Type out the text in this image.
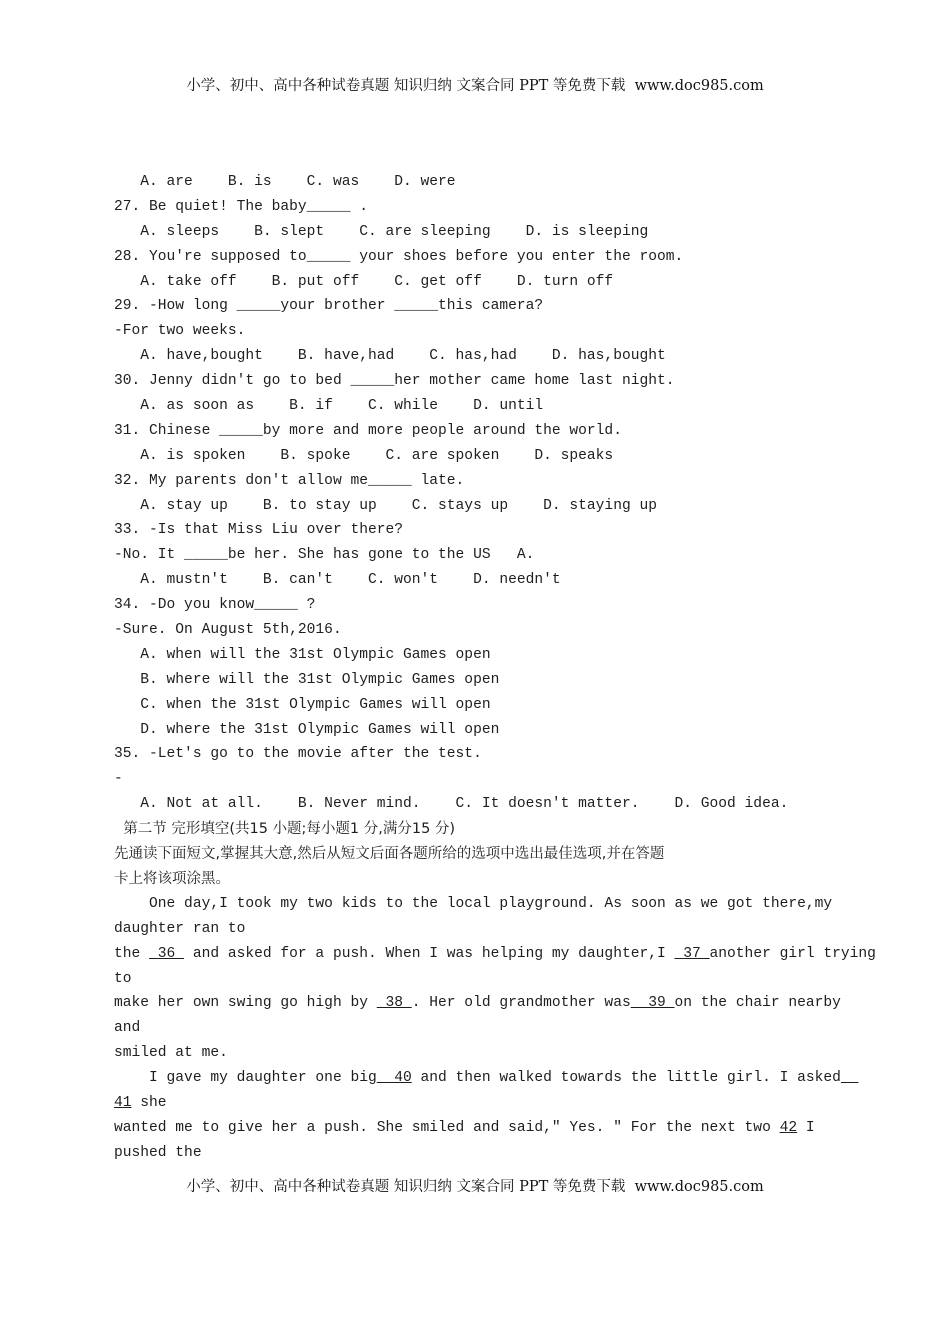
小学、初中、高中各种试卷真题 知识归纳 文案合同 PPT 等免费下载  www.doc985.com
A. are    B. is    C. was    D. were
27. Be quiet! The baby_____ .
A. sleeps    B. slept    C. are sleeping    D. is sleeping
28. You're supposed to_____ your shoes before you enter the room.
A. take off    B. put off    C. get off    D. turn off
29. -How long _____your brother _____this camera?
-For two weeks.
A. have,bought    B. have,had    C. has,had    D. has,bought
30. Jenny didn't go to bed _____her mother came home last night.
A. as soon as    B. if    C. while    D. until
31. Chinese _____by more and more people around the world.
A. is spoken    B. spoke    C. are spoken    D. speaks
32. My parents don't allow me_____ late.
A. stay up    B. to stay up    C. stays up    D. staying up
33. -Is that Miss Liu over there?
-No. It _____be her. She has gone to the US   A.
A. mustn't    B. can't    C. won't    D. needn't
34. -Do you know_____ ?
-Sure. On August 5th,2016.
A. when will the 31st Olympic Games open
B. where will the 31st Olympic Games open
C. when the 31st Olympic Games will open
D. where the 31st Olympic Games will open
35. -Let's go to the movie after the test.
-
A. Not at all.    B. Never mind.    C. It doesn't matter.    D. Good idea.
第二节 完形填空(共15 小题;每小题1 分,满分15 分)
先通读下面短文,掌握其大意,然后从短文后面各题所给的选项中选出最佳选项,并在答题
卡上将该项涂黑。
One day,I took my two kids to the local playground. As soon as we got there,my
daughter ran to
the  36  and asked for a push. When I was helping my daughter,I  37 another girl trying
to
make her own swing go high by  38 . Her old grandmother was  39 on the chair nearby
and
smiled at me.
I gave my daughter one big  40 and then walked towards the little girl. I asked
41 she
wanted me to give her a push. She smiled and said," Yes. " For the next two 42 I
pushed the
小学、初中、高中各种试卷真题 知识归纳 文案合同 PPT 等免费下载  www.doc985.com
